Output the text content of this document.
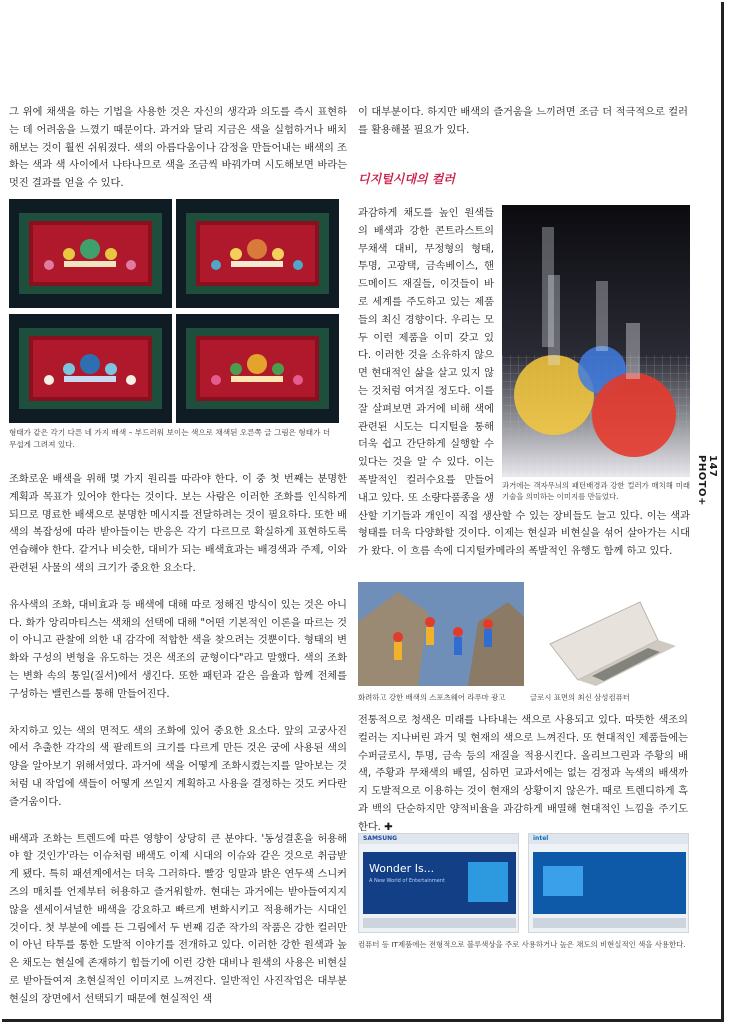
그 위에 채색을 하는 기법을 사용한 것은 자신의 생각과 의도를 즉시 표현하는 데 어려움을 느꼈기 때문이다. 과거와 달리 지금은 색을 실험하거나 배치해보는 것이 훨씬 쉬워졌다. 색의 아름다움이나 감정을 만들어내는 배색의 조화는 색과 색 사이에서 나타나므로 색을 조금씩 바꿔가며 시도해보면 바라는 멋진 결과를 얻을 수 있다.

형태가 같은 각기 다른 네 가지 배색 – 부드러워 보이는 색으로 채색된 오른쪽 글 그림은 형태가 더 무섭게 그려져 있다.

조화로운 배색을 위해 몇 가지 원리를 따라야 한다. 이 중 첫 번째는 분명한 계획과 목표가 있어야 한다는 것이다. 보는 사람은 이러한 조화를 인식하게 되므로 명료한 배색으로 분명한 메시지를 전달하려는 것이 필요하다. 또한 배색의 복잡성에 따라 받아들이는 반응은 각기 다르므로 확실하게 표현하도록 연습해야 한다. 같거나 비슷한, 대비가 되는 배색효과는 배경색과 주제, 이와 관련된 사물의 색의 크기가 중요한 요소다.

유사색의 조화, 대비효과 등 배색에 대해 따로 정해진 방식이 있는 것은 아니다. 화가 앙리마티스는 색채의 선택에 대해 "어떤 기본적인 이론을 따르는 것이 아니고 관찰에 의한 내 감각에 적합한 색을 찾으려는 것뿐이다. 형태의 변화와 구성의 변형을 유도하는 것은 색조의 균형이다"라고 말했다. 색의 조화는 변화 속의 통일(질서)에서 생긴다. 또한 패턴과 같은 음율과 함께 전체를 구성하는 밸런스를 통해 만들어진다.

차지하고 있는 색의 면적도 색의 조화에 있어 중요한 요소다. 앞의 고궁사진에서 추출한 각각의 색 팔레트의 크기를 다르게 만든 것은 궁에 사용된 색의 양을 알아보기 위해서였다. 과거에 색을 어떻게 조화시켰는지를 알아보는 것처럼 내 작업에 색들이 어떻게 쓰일지 계획하고 사용을 결정하는 것도 커다란 즐거움이다.

배색과 조화는 트렌드에 따른 영향이 상당히 큰 분야다. '동성결혼을 허용해야 할 것인가'라는 이슈처럼 배색도 이제 시대의 이슈와 같은 것으로 취급받게 됐다. 특히 패션계에서는 더욱 그러하다. 빨강 잉말과 밝은 연두색 스니커즈의 매치를 언제부터 허용하고 즐거워할까. 현대는 과거에는 받아들여지지 않을 센세이셔널한 배색을 강요하고 빠르게 변화시키고 적용해가는 시대인 것이다. 첫 부분에 예를 든 그림에서 두 번째 김준 작가의 작품은 강한 컬러만이 아닌 타투를 통한 도발적 이야기를 전개하고 있다. 이러한 강한 원색과 높은 채도는 현실에 존재하기 힘들기에 이런 강한 대비나 원색의 사용은 비현실로 받아들여져 초현실적인 이미지로 느껴진다. 일반적인 사진작업은 대부분 현실의 장면에서 선택되기 때문에 현실적인 색

이 대부분이다. 하지만 배색의 즐거움을 느끼려면 조금 더 적극적으로 컬러를 활용해볼 필요가 있다.

디지털시대의 컬러
과거에는 객자무늬의 패턴배경과 강한 컬러가 매치해 미래기술을 의미하는 이미지를 만들었다.
과감하게 채도를 높인 원색들의 배색과 강한 콘트라스트의 무채색 대비, 무정형의 형태, 투명, 고광택, 금속베이스, 핸드메이드 재질들, 이것들이 바로 세계를 주도하고 있는 제품들의 최신 경향이다. 우리는 모두 이런 제품을 이미 갖고 있다. 이러한 것을 소유하지 않으면 현대적인 삶을 살고 있지 않는 것처럼 여겨질 정도다. 이를 잘 살펴보면 과거에 비해 색에 관련된 시도는 디지털을 통해 더욱 쉽고 간단하게 실행할 수 있다는 것을 알 수 있다. 이는 폭발적인 컬러수요를 만들어 내고 있다. 또 소량다품종을 생산할 기기들과 개인이 직접 생산할 수 있는 장비들도 늘고 있다. 이는 색과 형태를 더욱 다양화할 것이다. 이제는 현실과 비현실을 섞어 살아가는 시대가 왔다. 이 흐름 속에 디지털카메라의 폭발적인 유행도 함께 하고 있다.
147 PHOTO+
화려하고 강한 배색의 스포츠웨어 라푸마 광고	글로시 표면의 최신 삼성컴퓨터
전통적으로 청색은 미래를 나타내는 색으로 사용되고 있다. 따뜻한 색조의 컬러는 지나버린 과거 및 현재의 색으로 느껴진다. 또 현대적인 제품들에는 수퍼글로시, 투명, 금속 등의 재질을 적용시킨다. 올리브그린과 주황의 배색, 주황과 무채색의 배열, 심하면 교과서에는 없는 검정과 녹색의 배색까지 도발적으로 이용하는 것이 현재의 상황이지 않은가. 때로 트렌디하게 흑과 백의 단순하지만 양적비율을 과감하게 배열해 현대적인 느낌을 주기도 한다. ✚
SAMSUNG
Wonder Is...
A New World of Entertainment
intel
컴퓨터 등 IT제품에는 전형적으로 블루색상을 주로 사용하거나 높은 채도의 비현실적인 색을 사용한다.
